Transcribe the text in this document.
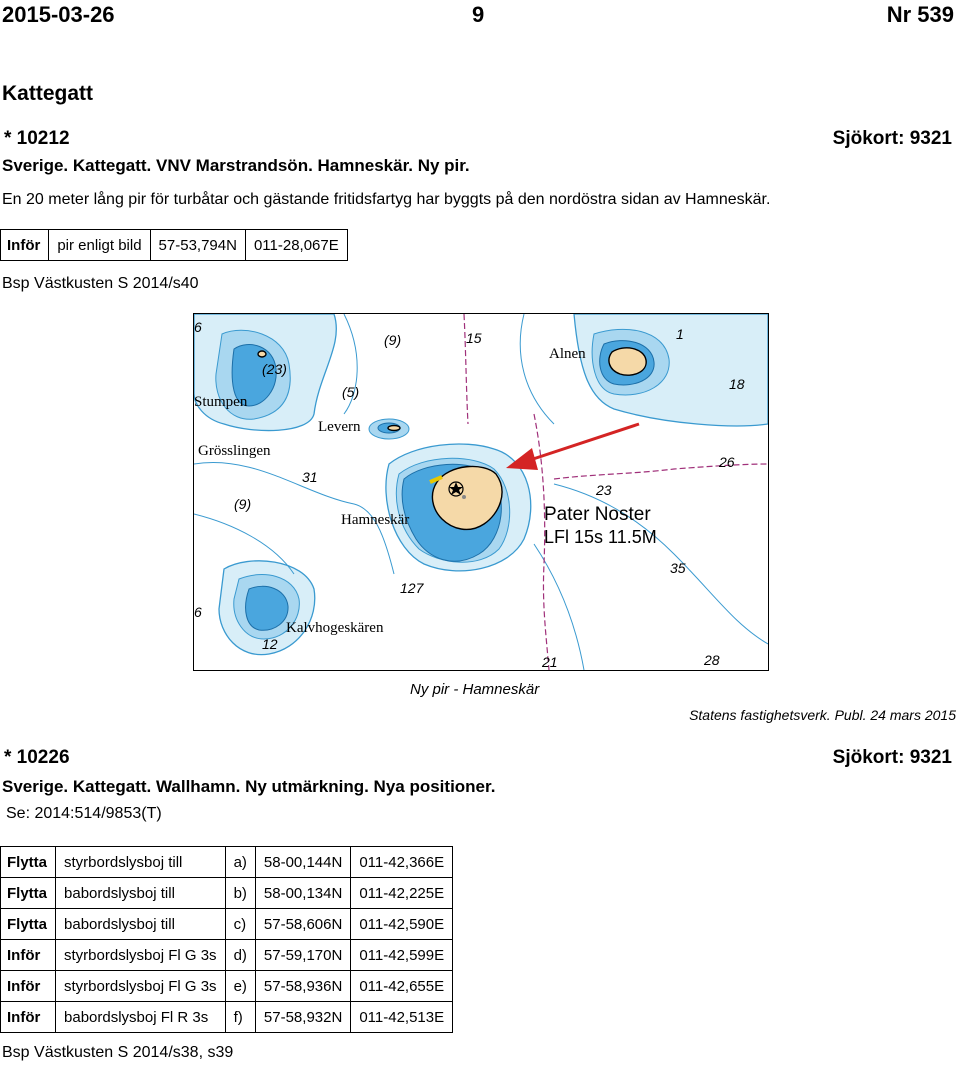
2015-03-26	9	Nr 539
Kattegatt
* 10212	Sjökort: 9321
Sverige. Kattegatt. VNV Marstrandsön. Hamneskär. Ny pir.
En 20 meter lång pir för turbåtar och gästande fritidsfartyg har byggts på den nordöstra sidan av Hamneskär.
Inför	pir enligt bild	57-53,794N	011-28,067E
Bsp Västkusten S 2014/s40
Stumpen
Levern
Grösslingen
Hamneskär
Kalvhogeskären
Alnen
Pater Noster
LFl 15s 11.5M
6
(9)	15	1
(23)
(5)	18
31
26
23
(9)
35
6
127
12
21	28
Ny pir - Hamneskär
Statens fastighetsverk. Publ. 24 mars 2015
* 10226	Sjökort: 9321
Sverige. Kattegatt. Wallhamn. Ny utmärkning. Nya positioner.
Se: 2014:514/9853(T)
Flytta	styrbordslysboj till	a)	58-00,144N	011-42,366E
Flytta	babordslysboj till	b)	58-00,134N	011-42,225E
Flytta	babordslysboj till	c)	57-58,606N	011-42,590E
Inför	styrbordslysboj Fl G 3s	d)	57-59,170N	011-42,599E
Inför	styrbordslysboj Fl G 3s	e)	57-58,936N	011-42,655E
Inför	babordslysboj Fl R 3s	f)	57-58,932N	011-42,513E
Bsp Västkusten S 2014/s38, s39
